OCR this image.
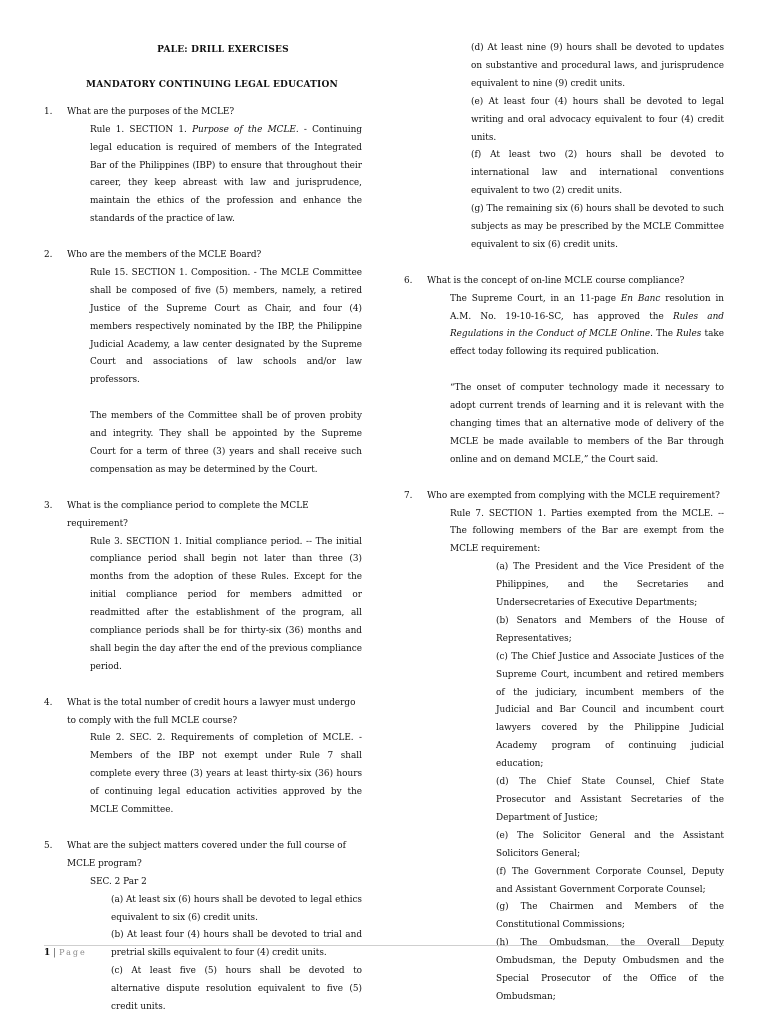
PALE: DRILL EXERCISES
MANDATORY CONTINUING LEGAL EDUCATION
1.	What are the purposes of the MCLE?

Rule 1. SECTION 1. Purpose of the MCLE. - Continuing legal education is required of members of the Integrated Bar of the Philippines (IBP) to ensure that throughout their career, they keep abreast with law and jurisprudence, maintain the ethics of the profession and enhance the standards of the practice of law.

2.	Who are the members of the MCLE Board?

Rule 15. SECTION 1. Composition. - The MCLE Committee shall be composed of five (5) members, namely, a retired Justice of the Supreme Court as Chair, and four (4) members respectively nominated by the IBP, the Philippine Judicial Academy, a law center designated by the Supreme Court and associations of law schools and/or law professors.

The members of the Committee shall be of proven probity and integrity. They shall be appointed by the Supreme Court for a term of three (3) years and shall receive such compensation as may be determined by the Court.

3.	What is the compliance period to complete the MCLE requirement?

Rule 3. SECTION 1. Initial compliance period. -- The initial compliance period shall begin not later than three (3) months from the adoption of these Rules. Except for the initial compliance period for members admitted or readmitted after the establishment of the program, all compliance periods shall be for thirty-six (36) months and shall begin the day after the end of the previous compliance period.

4.	What is the total number of credit hours a lawyer must undergo to comply with the full MCLE course?

Rule 2. SEC. 2. Requirements of completion of MCLE. - Members of the IBP not exempt under Rule 7 shall complete every three (3) years at least thirty-six (36) hours of continuing legal education activities approved by the MCLE Committee.

5.	What are the subject matters covered under the full course of MCLE program?

SEC. 2 Par 2

(a) At least six (6) hours shall be devoted to legal ethics equivalent to six (6) credit units.

(b) At least four (4) hours shall be devoted to trial and pretrial skills equivalent to four (4) credit units.

(c) At least five (5) hours shall be devoted to alternative dispute resolution equivalent to five (5) credit units.

(d) At least nine (9) hours shall be devoted to updates on substantive and procedural laws, and jurisprudence equivalent to nine (9) credit units.

(e) At least four (4) hours shall be devoted to legal writing and oral advocacy equivalent to four (4) credit units.

(f) At least two (2) hours shall be devoted to international law and international conventions equivalent to two (2) credit units.

(g) The remaining six (6) hours shall be devoted to such subjects as may be prescribed by the MCLE Committee equivalent to six (6) credit units.

6.	What is the concept of on-line MCLE course compliance?

The Supreme Court, in an 11-page En Banc resolution in A.M. No. 19-10-16-SC, has approved the Rules and Regulations in the Conduct of MCLE Online. The Rules take effect today following its required publication.

“The onset of computer technology made it necessary to adopt current trends of learning and it is relevant with the changing times that an alternative mode of delivery of the MCLE be made available to members of the Bar through online and on demand MCLE,” the Court said.

7.	Who are exempted from complying with the MCLE requirement?

Rule 7. SECTION 1. Parties exempted from the MCLE. -- The following members of the Bar are exempt from the MCLE requirement:

(a) The President and the Vice President of the Philippines, and the Secretaries and Undersecretaries of Executive Departments;

(b) Senators and Members of the House of Representatives;

(c) The Chief Justice and Associate Justices of the Supreme Court, incumbent and retired members of the judiciary, incumbent members of the Judicial and Bar Council and incumbent court lawyers covered by the Philippine Judicial Academy program of continuing judicial education;

(d) The Chief State Counsel, Chief State Prosecutor and Assistant Secretaries of the Department of Justice;

(e) The Solicitor General and the Assistant Solicitors General;

(f) The Government Corporate Counsel, Deputy and Assistant Government Corporate Counsel;

(g) The Chairmen and Members of the Constitutional Commissions;

(h) The Ombudsman, the Overall Deputy Ombudsman, the Deputy Ombudsmen and the Special Prosecutor of the Office of the Ombudsman;

1 | Page
